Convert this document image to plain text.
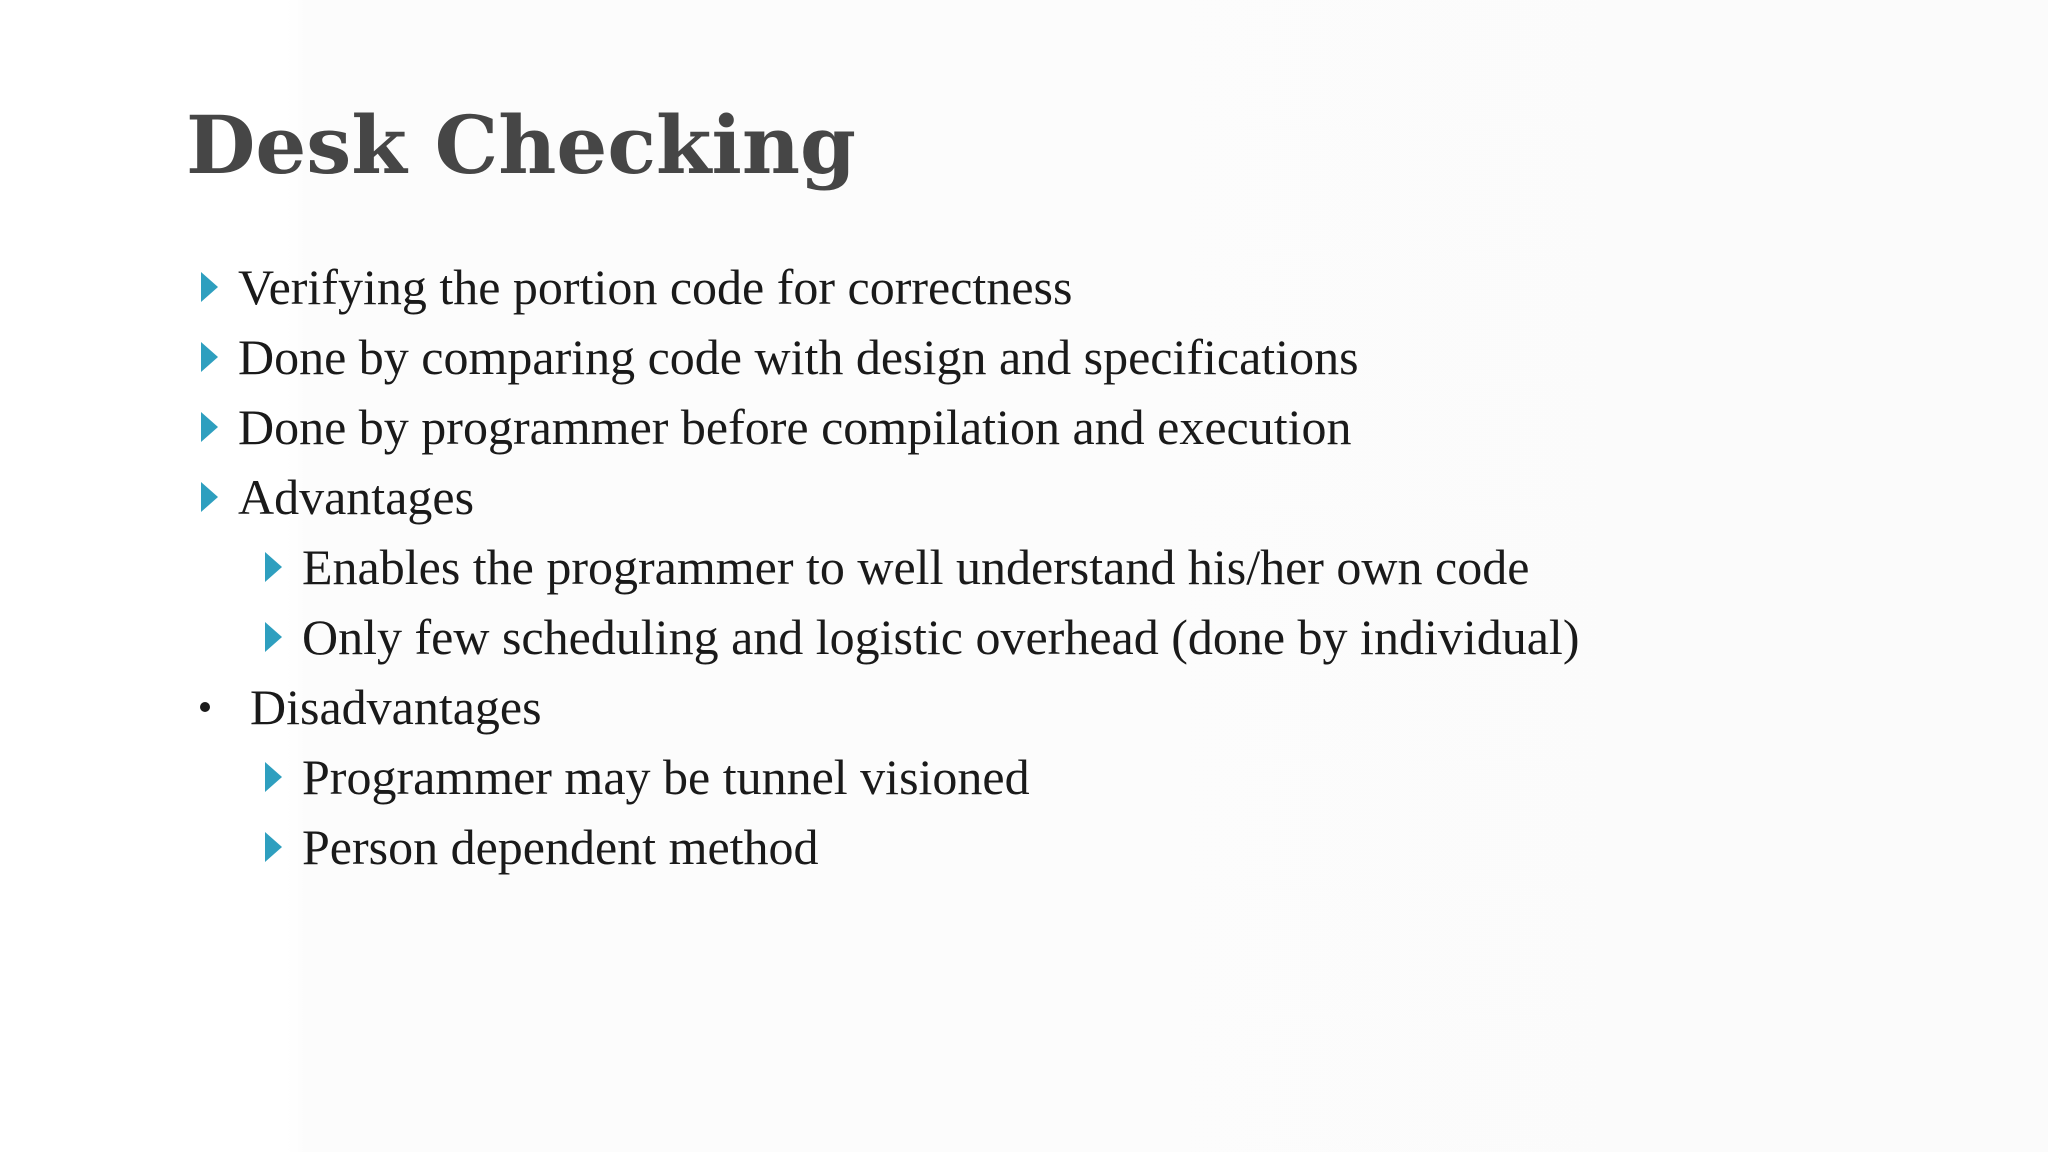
Desk Checking
Verifying the portion code for correctness
Done by comparing code with design and specifications
Done by programmer before compilation and execution
Advantages
Enables the programmer to well understand his/her own code
Only few scheduling and logistic overhead (done by individual)
Disadvantages
Programmer may be tunnel visioned
Person dependent method
